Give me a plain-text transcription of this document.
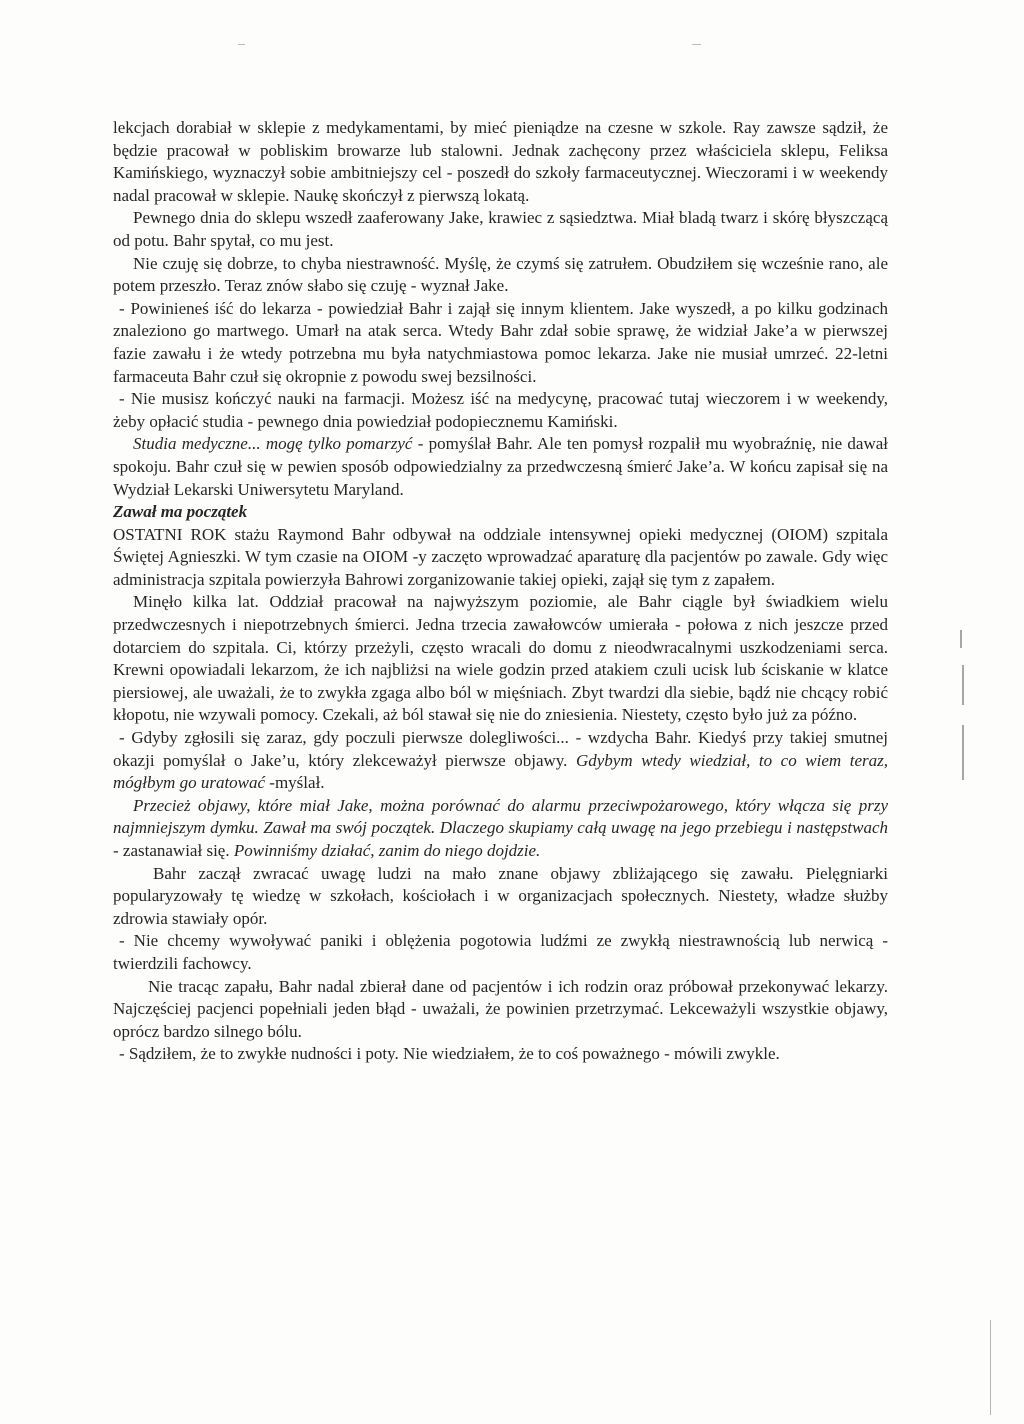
lekcjach dorabiał w sklepie z medykamentami, by mieć pieniądze na czesne w szkole. Ray zawsze sądził, że będzie pracował w pobliskim browarze lub stalowni. Jednak zachęcony przez właściciela sklepu, Feliksa Kamińskiego, wyznaczył sobie ambitniejszy cel - poszedł do szkoły farmaceutycznej. Wieczorami i w weekendy nadal pracował w sklepie. Naukę skończył z pierwszą lokatą.

Pewnego dnia do sklepu wszedł zaaferowany Jake, krawiec z sąsiedztwa. Miał bladą twarz i skórę błyszczącą od potu. Bahr spytał, co mu jest.

Nie czuję się dobrze, to chyba niestrawność. Myślę, że czymś się zatrułem. Obudziłem się wcześnie rano, ale potem przeszło. Teraz znów słabo się czuję - wyznał Jake.

- Powinieneś iść do lekarza - powiedział Bahr i zajął się innym klientem. Jake wyszedł, a po kilku godzinach znaleziono go martwego. Umarł na atak serca. Wtedy Bahr zdał sobie sprawę, że widział Jake’a w pierwszej fazie zawału i że wtedy potrzebna mu była natychmiastowa pomoc lekarza. Jake nie musiał umrzeć. 22-letni farmaceuta Bahr czuł się okropnie z powodu swej bezsilności.

- Nie musisz kończyć nauki na farmacji. Możesz iść na medycynę, pracować tutaj wieczorem i w weekendy, żeby opłacić studia - pewnego dnia powiedział podopiecznemu Kamiński.

Studia medyczne... mogę tylko pomarzyć - pomyślał Bahr. Ale ten pomysł rozpalił mu wyobraźnię, nie dawał spokoju. Bahr czuł się w pewien sposób odpowiedzialny za przedwczesną śmierć Jake’a. W końcu zapisał się na Wydział Lekarski Uniwersytetu Maryland.

Zawał ma początek

OSTATNI ROK stażu Raymond Bahr odbywał na oddziale intensywnej opieki medycznej (OIOM) szpitala Świętej Agnieszki. W tym czasie na OIOM -y zaczęto wprowadzać aparaturę dla pacjentów po zawale. Gdy więc administracja szpitala powierzyła Bahrowi zorganizowanie takiej opieki, zajął się tym z zapałem.

Minęło kilka lat. Oddział pracował na najwyższym poziomie, ale Bahr ciągle był świadkiem wielu przedwczesnych i niepotrzebnych śmierci. Jedna trzecia zawałowców umierała - połowa z nich jeszcze przed dotarciem do szpitala. Ci, którzy przeżyli, często wracali do domu z nieodwracalnymi uszkodzeniami serca. Krewni opowiadali lekarzom, że ich najbliżsi na wiele godzin przed atakiem czuli ucisk lub ściskanie w klatce piersiowej, ale uważali, że to zwykła zgaga albo ból w mięśniach. Zbyt twardzi dla siebie, bądź nie chcący robić kłopotu, nie wzywali pomocy. Czekali, aż ból stawał się nie do zniesienia. Niestety, często było już za późno.

- Gdyby zgłosili się zaraz, gdy poczuli pierwsze dolegliwości... - wzdycha Bahr. Kiedyś przy takiej smutnej okazji pomyślał o Jake’u, który zlekceważył pierwsze objawy. Gdybym wtedy wiedział, to co wiem teraz, mógłbym go uratować -myślał.

Przecież objawy, które miał Jake, można porównać do alarmu przeciwpożarowego, który włącza się przy najmniejszym dymku. Zawał ma swój początek. Dlaczego skupiamy całą uwagę na jego przebiegu i następstwach - zastanawiał się. Powinniśmy działać, zanim do niego dojdzie.

Bahr zaczął zwracać uwagę ludzi na mało znane objawy zbliżającego się zawału. Pielęgniarki popularyzowały tę wiedzę w szkołach, kościołach i w organizacjach społecznych. Niestety, władze służby zdrowia stawiały opór.

- Nie chcemy wywoływać paniki i oblężenia pogotowia ludźmi ze zwykłą niestrawnością lub nerwicą - twierdzili fachowcy.

Nie tracąc zapału, Bahr nadal zbierał dane od pacjentów i ich rodzin oraz próbował przekonywać lekarzy. Najczęściej pacjenci popełniali jeden błąd - uważali, że powinien przetrzymać. Lekceważyli wszystkie objawy, oprócz bardzo silnego bólu.

- Sądziłem, że to zwykłe nudności i poty. Nie wiedziałem, że to coś poważnego - mówili zwykle.
